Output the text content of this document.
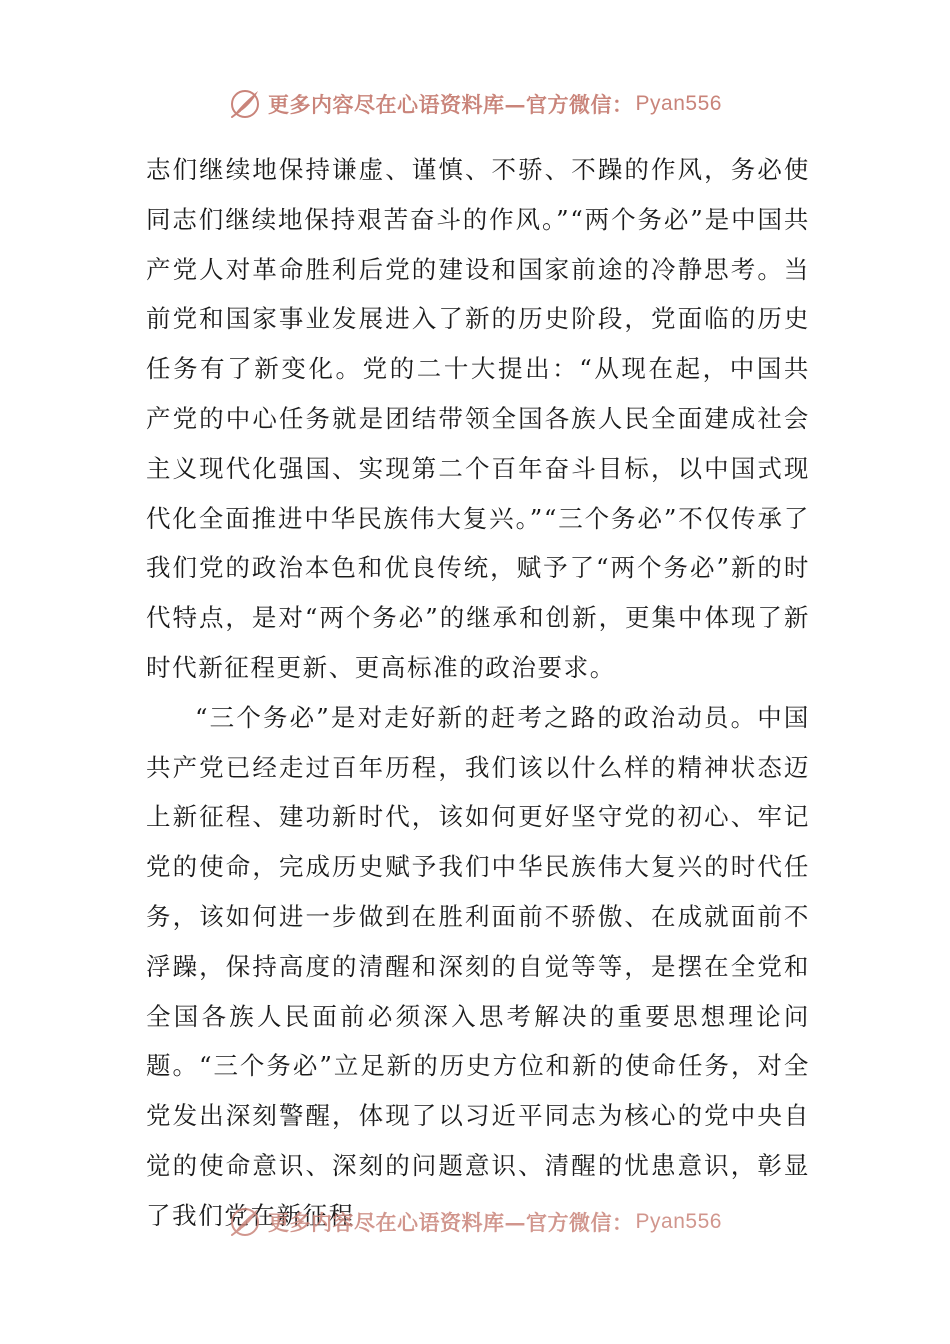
更多内容尽在心语资料库—官方微信： Pyan556

志们继续地保持谦虚、谨慎、不骄、不躁的作风，务必使同志们继续地保持艰苦奋斗的作风。”“两个务必”是中国共产党人对革命胜利后党的建设和国家前途的冷静思考。当前党和国家事业发展进入了新的历史阶段，党面临的历史任务有了新变化。党的二十大提出：“从现在起，中国共产党的中心任务就是团结带领全国各族人民全面建成社会主义现代化强国、实现第二个百年奋斗目标，以中国式现代化全面推进中华民族伟大复兴。”“三个务必”不仅传承了我们党的政治本色和优良传统，赋予了“两个务必”新的时代特点，是对“两个务必”的继承和创新，更集中体现了新时代新征程更新、更高标准的政治要求。

“三个务必”是对走好新的赶考之路的政治动员。中国共产党已经走过百年历程，我们该以什么样的精神状态迈上新征程、建功新时代，该如何更好坚守党的初心、牢记党的使命，完成历史赋予我们中华民族伟大复兴的时代任务，该如何进一步做到在胜利面前不骄傲、在成就面前不浮躁，保持高度的清醒和深刻的自觉等等，是摆在全党和全国各族人民面前必须深入思考解决的重要思想理论问题。“三个务必”立足新的历史方位和新的使命任务，对全党发出深刻警醒，体现了以习近平同志为核心的党中央自觉的使命意识、深刻的问题意识、清醒的忧患意识，彰显了我们党在新征程

更多内容尽在心语资料库—官方微信： Pyan556
